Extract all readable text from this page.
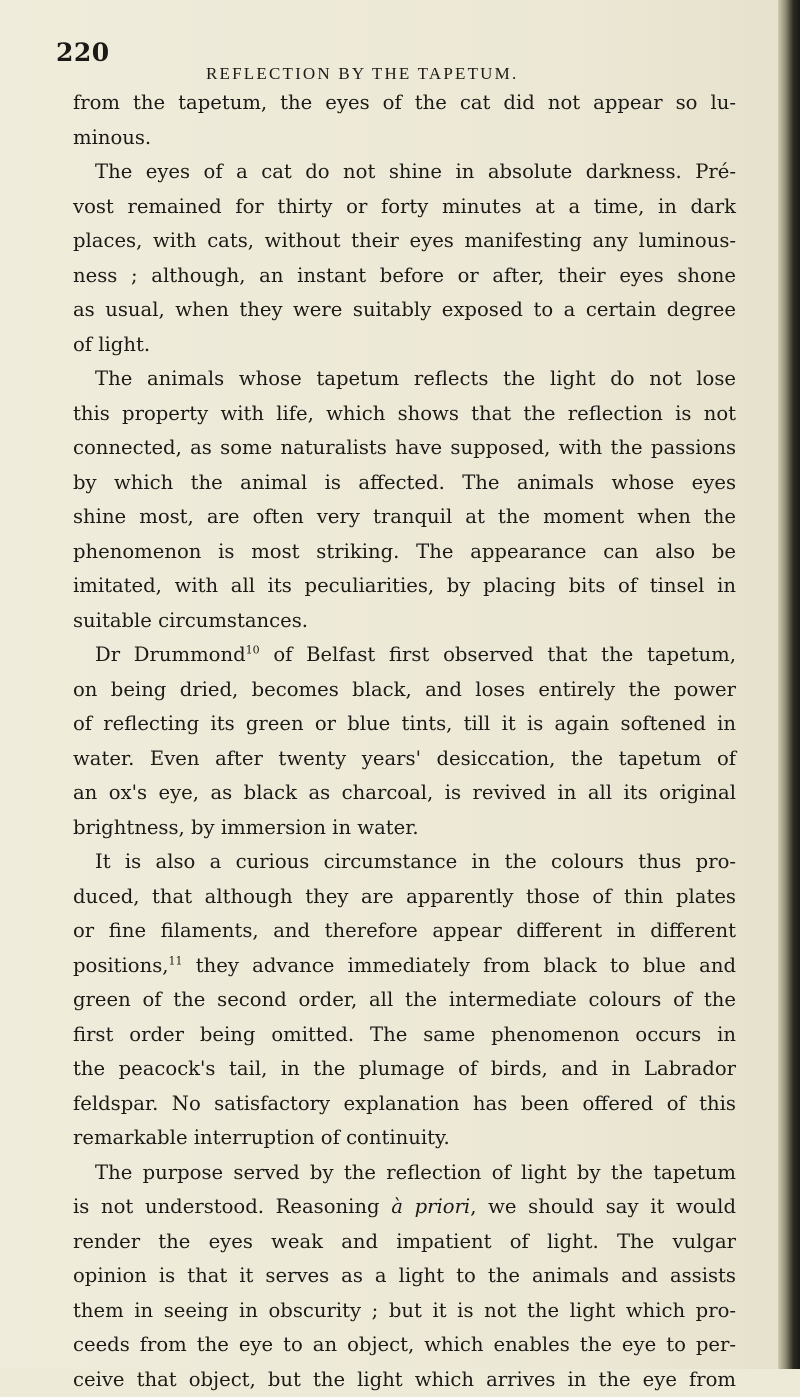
220
REFLECTION BY THE TAPETUM.
from the tapetum, the eyes of the cat did not appear so lu-
minous.
The eyes of a cat do not shine in absolute darkness. Pré-
vost remained for thirty or forty minutes at a time, in dark
places, with cats, without their eyes manifesting any luminous-
ness ; although, an instant before or after, their eyes shone
as usual, when they were suitably exposed to a certain degree
of light.
The animals whose tapetum reflects the light do not lose
this property with life, which shows that the reflection is not
connected, as some naturalists have supposed, with the passions
by which the animal is affected. The animals whose eyes
shine most, are often very tranquil at the moment when the
phenomenon is most striking. The appearance can also be
imitated, with all its peculiarities, by placing bits of tinsel in
suitable circumstances.
Dr Drummond$^{10}$ of Belfast first observed that the tapetum,
on being dried, becomes black, and loses entirely the power
of reflecting its green or blue tints, till it is again softened in
water. Even after twenty years' desiccation, the tapetum of
an ox's eye, as black as charcoal, is revived in all its original
brightness, by immersion in water.
It is also a curious circumstance in the colours thus pro-
duced, that although they are apparently those of thin plates
or fine filaments, and therefore appear different in different
positions,$^{11}$ they advance immediately from black to blue and
green of the second order, all the intermediate colours of the
first order being omitted. The same phenomenon occurs in
the peacock's tail, in the plumage of birds, and in Labrador
feldspar. No satisfactory explanation has been offered of this
remarkable interruption of continuity.
The purpose served by the reflection of light by the tapetum
is not understood. Reasoning à priori, we should say it would
render the eyes weak and impatient of light. The vulgar
opinion is that it serves as a light to the animals and assists
them in seeing in obscurity ; but it is not the light which pro-
ceeds from the eye to an object, which enables the eye to per-
ceive that object, but the light which arrives in the eye from
